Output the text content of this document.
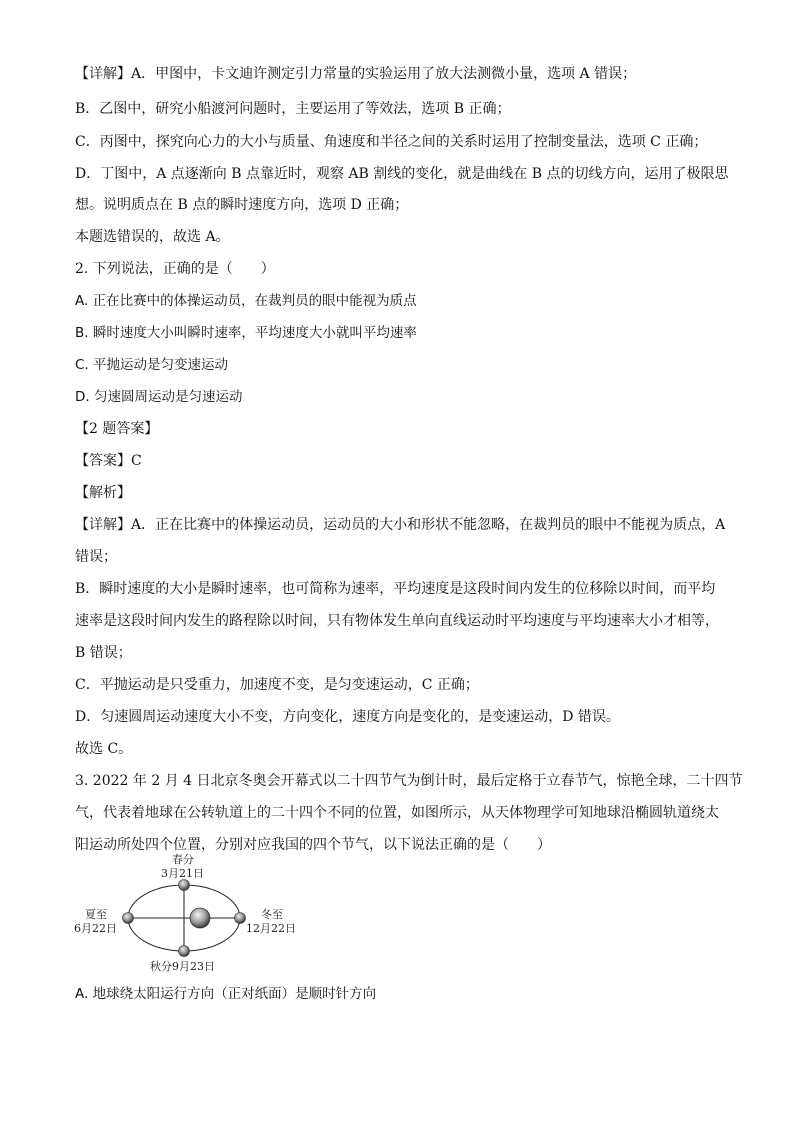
【详解】A．甲图中，卡文迪许测定引力常量的实验运用了放大法测微小量，选项 A 错误；
B．乙图中，研究小船渡河问题时，主要运用了等效法，选项 B 正确；
C．丙图中，探究向心力的大小与质量、角速度和半径之间的关系时运用了控制变量法，选项 C 正确；
D．丁图中，A 点逐渐向 B 点靠近时，观察 AB 割线的变化，就是曲线在 B 点的切线方向，运用了极限思
想。说明质点在 B 点的瞬时速度方向，选项 D 正确；
本题选错误的，故选 A。
2. 下列说法，正确的是（　　）
A. 正在比赛中的体操运动员，在裁判员的眼中能视为质点
B. 瞬时速度大小叫瞬时速率，平均速度大小就叫平均速率
C. 平抛运动是匀变速运动
D. 匀速圆周运动是匀速运动
【2 题答案】
【答案】C
【解析】
【详解】A．正在比赛中的体操运动员，运动员的大小和形状不能忽略，在裁判员的眼中不能视为质点，A
错误；
B．瞬时速度的大小是瞬时速率，也可简称为速率，平均速度是这段时间内发生的位移除以时间，而平均
速率是这段时间内发生的路程除以时间，只有物体发生单向直线运动时平均速度与平均速率大小才相等，
B 错误；
C．平抛运动是只受重力，加速度不变，是匀变速运动，C 正确；
D．匀速圆周运动速度大小不变，方向变化，速度方向是变化的，是变速运动，D 错误。
故选 C。
3. 2022 年 2 月 4 日北京冬奥会开幕式以二十四节气为倒计时，最后定格于立春节气，惊艳全球，二十四节
气，代表着地球在公转轨道上的二十四个不同的位置，如图所示，从天体物理学可知地球沿椭圆轨道绕太
阳运动所处四个位置，分别对应我国的四个节气，以下说法正确的是（　　）
春分
3月21日
夏至
6月22日
冬至
12月22日
秋分9月23日
A. 地球绕太阳运行方向（正对纸面）是顺时针方向
